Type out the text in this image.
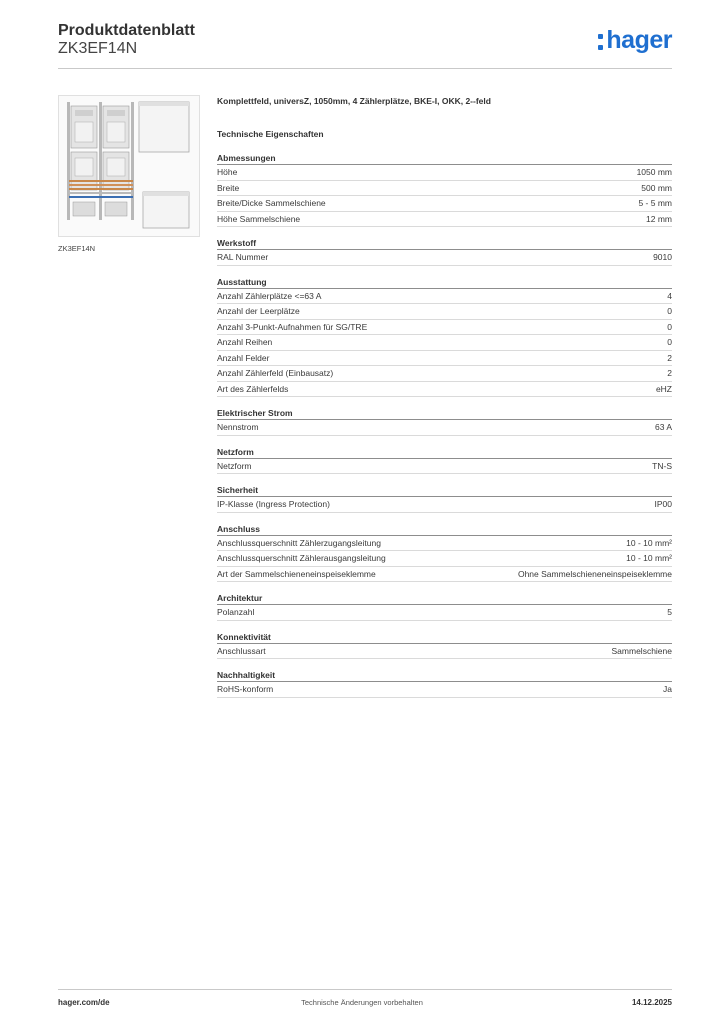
Produktdatenblatt
ZK3EF14N	hager
ZK3EF14N
Komplettfeld, universZ, 1050mm, 4 Zählerplätze, BKE-I, OKK, 2--feld
Technische Eigenschaften
Abmessungen
Höhe	1050 mm
Breite	500 mm
Breite/Dicke Sammelschiene	5 - 5 mm
Höhe Sammelschiene	12 mm
Werkstoff
RAL Nummer	9010
Ausstattung
Anzahl Zählerplätze <=63 A	4
Anzahl der Leerplätze	0
Anzahl 3-Punkt-Aufnahmen für SG/TRE	0
Anzahl Reihen	0
Anzahl Felder	2
Anzahl Zählerfeld (Einbausatz)	2
Art des Zählerfelds	eHZ
Elektrischer Strom
Nennstrom	63 A
Netzform
Netzform	TN-S
Sicherheit
IP-Klasse (Ingress Protection)	IP00
Anschluss
Anschlussquerschnitt Zählerzugangsleitung	10 - 10 mm²
Anschlussquerschnitt Zählerausgangsleitung	10 - 10 mm²
Art der Sammelschieneneinspeiseklemme	Ohne Sammelschieneneinspeiseklemme
Architektur
Polanzahl	5
Konnektivität
Anschlussart	Sammelschiene
Nachhaltigkeit
RoHS-konform	Ja
Technische Änderungen vorbehalten
hager.com/de	14.12.2025
